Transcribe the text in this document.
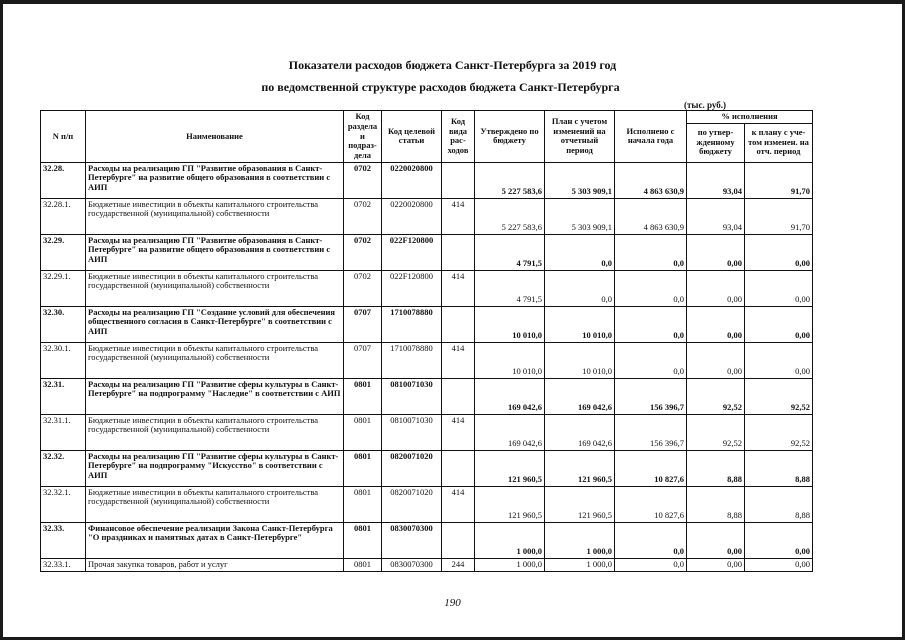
Показатели расходов бюджета Санкт-Петербурга за 2019 год
по ведомственной структуре расходов бюджета Санкт-Петербурга
(тыс. руб.)
N п/п	Наименование	Код раздела и подраз-дела	Код целевой статьи	Код вида рас-ходов	Утверждено по бюджету	План с учетом изменений на отчетный период	Исполнено с начала года	% исполнения	
								по утвер-жденному бюджету	к плану с уче-том изменен. на отч. период
32.28.	Расходы на реализацию ГП "Развитие образования в Санкт-Петербурге" на развитие общего образования в соответствии с АИП	0702	0220020800		5 227 583,6	5 303 909,1	4 863 630,9	93,04	91,70
32.28.1.	Бюджетные инвестиции в объекты капитального строительства государственной (муниципальной) собственности	0702	0220020800	414	5 227 583,6	5 303 909,1	4 863 630,9	93,04	91,70
32.29.	Расходы на реализацию ГП "Развитие образования в Санкт-Петербурге" на развитие общего образования в соответствии с АИП	0702	022F120800		4 791,5	0,0	0,0	0,00	0,00
32.29.1.	Бюджетные инвестиции в объекты капитального строительства государственной (муниципальной) собственности	0702	022F120800	414	4 791,5	0,0	0,0	0,00	0,00
32.30.	Расходы на реализацию ГП "Создание условий для обеспечения общественного согласия в Санкт-Петербурге" в соответствии с АИП	0707	1710078880		10 010,0	10 010,0	0,0	0,00	0,00
32.30.1.	Бюджетные инвестиции в объекты капитального строительства государственной (муниципальной) собственности	0707	1710078880	414	10 010,0	10 010,0	0,0	0,00	0,00
32.31.	Расходы на реализацию ГП "Развитие сферы культуры в Санкт-Петербурге" на подпрограмму "Наследие" в соответствии с АИП	0801	0810071030		169 042,6	169 042,6	156 396,7	92,52	92,52
32.31.1.	Бюджетные инвестиции в объекты капитального строительства государственной (муниципальной) собственности	0801	0810071030	414	169 042,6	169 042,6	156 396,7	92,52	92,52
32.32.	Расходы на реализацию ГП "Развитие сферы культуры в Санкт-Петербурге" на подпрограмму "Искусство" в соответствии с АИП	0801	0820071020		121 960,5	121 960,5	10 827,6	8,88	8,88
32.32.1.	Бюджетные инвестиции в объекты капитального строительства государственной (муниципальной) собственности	0801	0820071020	414	121 960,5	121 960,5	10 827,6	8,88	8,88
32.33.	Финансовое обеспечение реализации Закона Санкт-Петербурга "О праздниках и памятных датах в Санкт-Петербурге"	0801	0830070300		1 000,0	1 000,0	0,0	0,00	0,00
32.33.1.	Прочая закупка товаров, работ и услуг	0801	0830070300	244	1 000,0	1 000,0	0,0	0,00	0,00
190
